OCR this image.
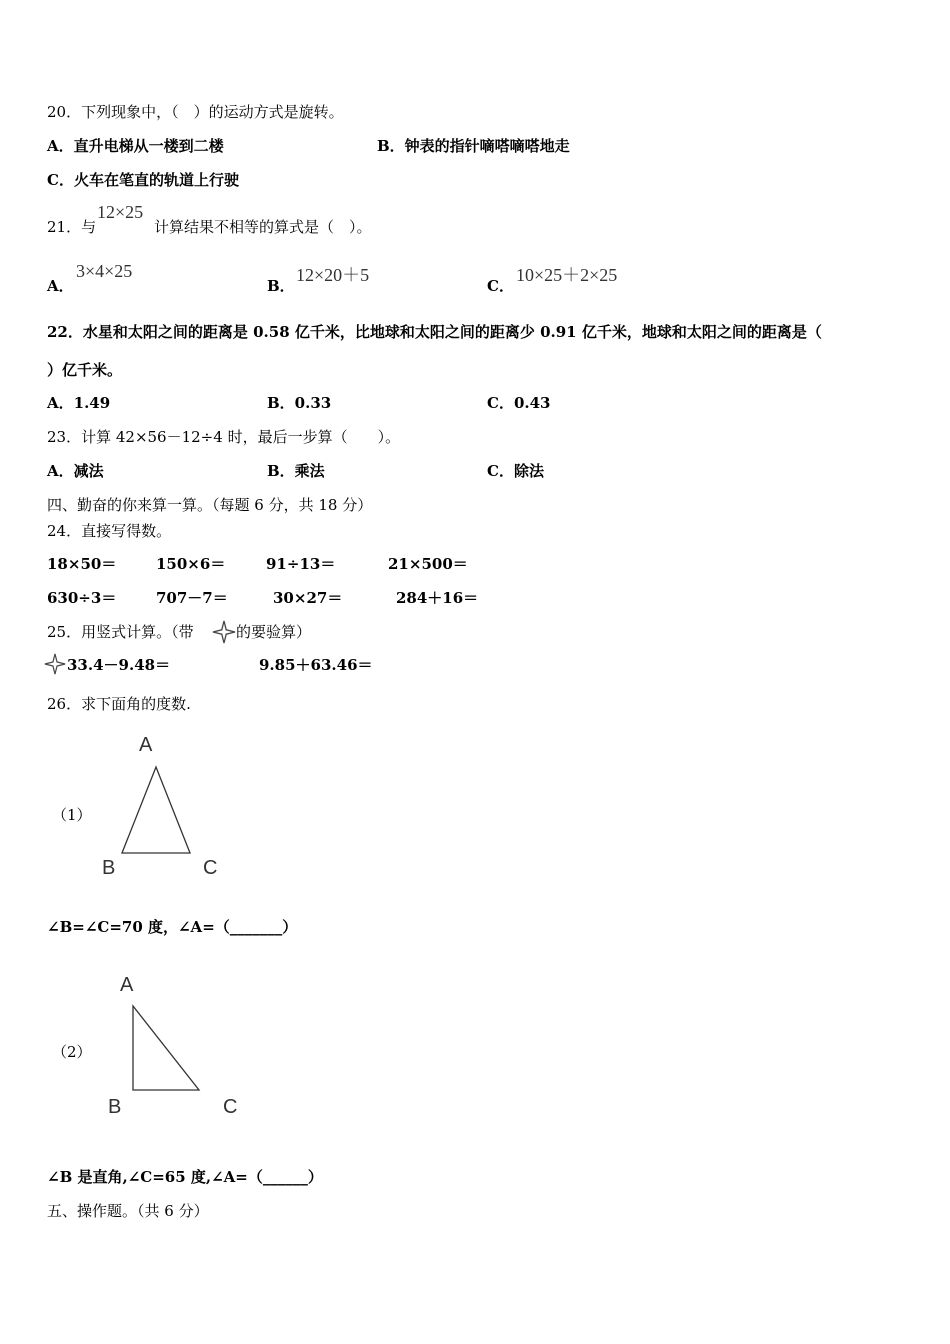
20．下列现象中，（　）的运动方式是旋转。
A．直升电梯从一楼到二楼	B．钟表的指针嘀嗒嘀嗒地走
C．火车在笔直的轨道上行驶
21．与
12×25
计算结果不相等的算式是（　）。
A．
3×4×25
B．
12×20＋5
C．
10×25＋2×25
22．水星和太阳之间的距离是 0.58 亿千米，比地球和太阳之间的距离少 0.91 亿千米，地球和太阳之间的距离是（
）亿千米。
A．1.49	B．0.33	C．0.43
23．计算 42×56－12÷4 时，最后一步算（　　）。
A．减法	B．乘法	C．除法
四、勤奋的你来算一算。（每题 6 分，共 18 分）
24．直接写得数。
18×50＝	150×6＝	91÷13＝	21×500＝
630÷3＝	707－7＝	30×27＝	284＋16＝
25．用竖式计算。（带	的要验算）
33.4－9.48＝	9.85＋63.46＝
26．求下面角的度数.
（1）
A
B	C
∠B=∠C=70 度，∠A=（_______）
（2）
A
B	C
∠B 是直角,∠C=65 度,∠A=（______）
五、操作题。（共 6 分）
